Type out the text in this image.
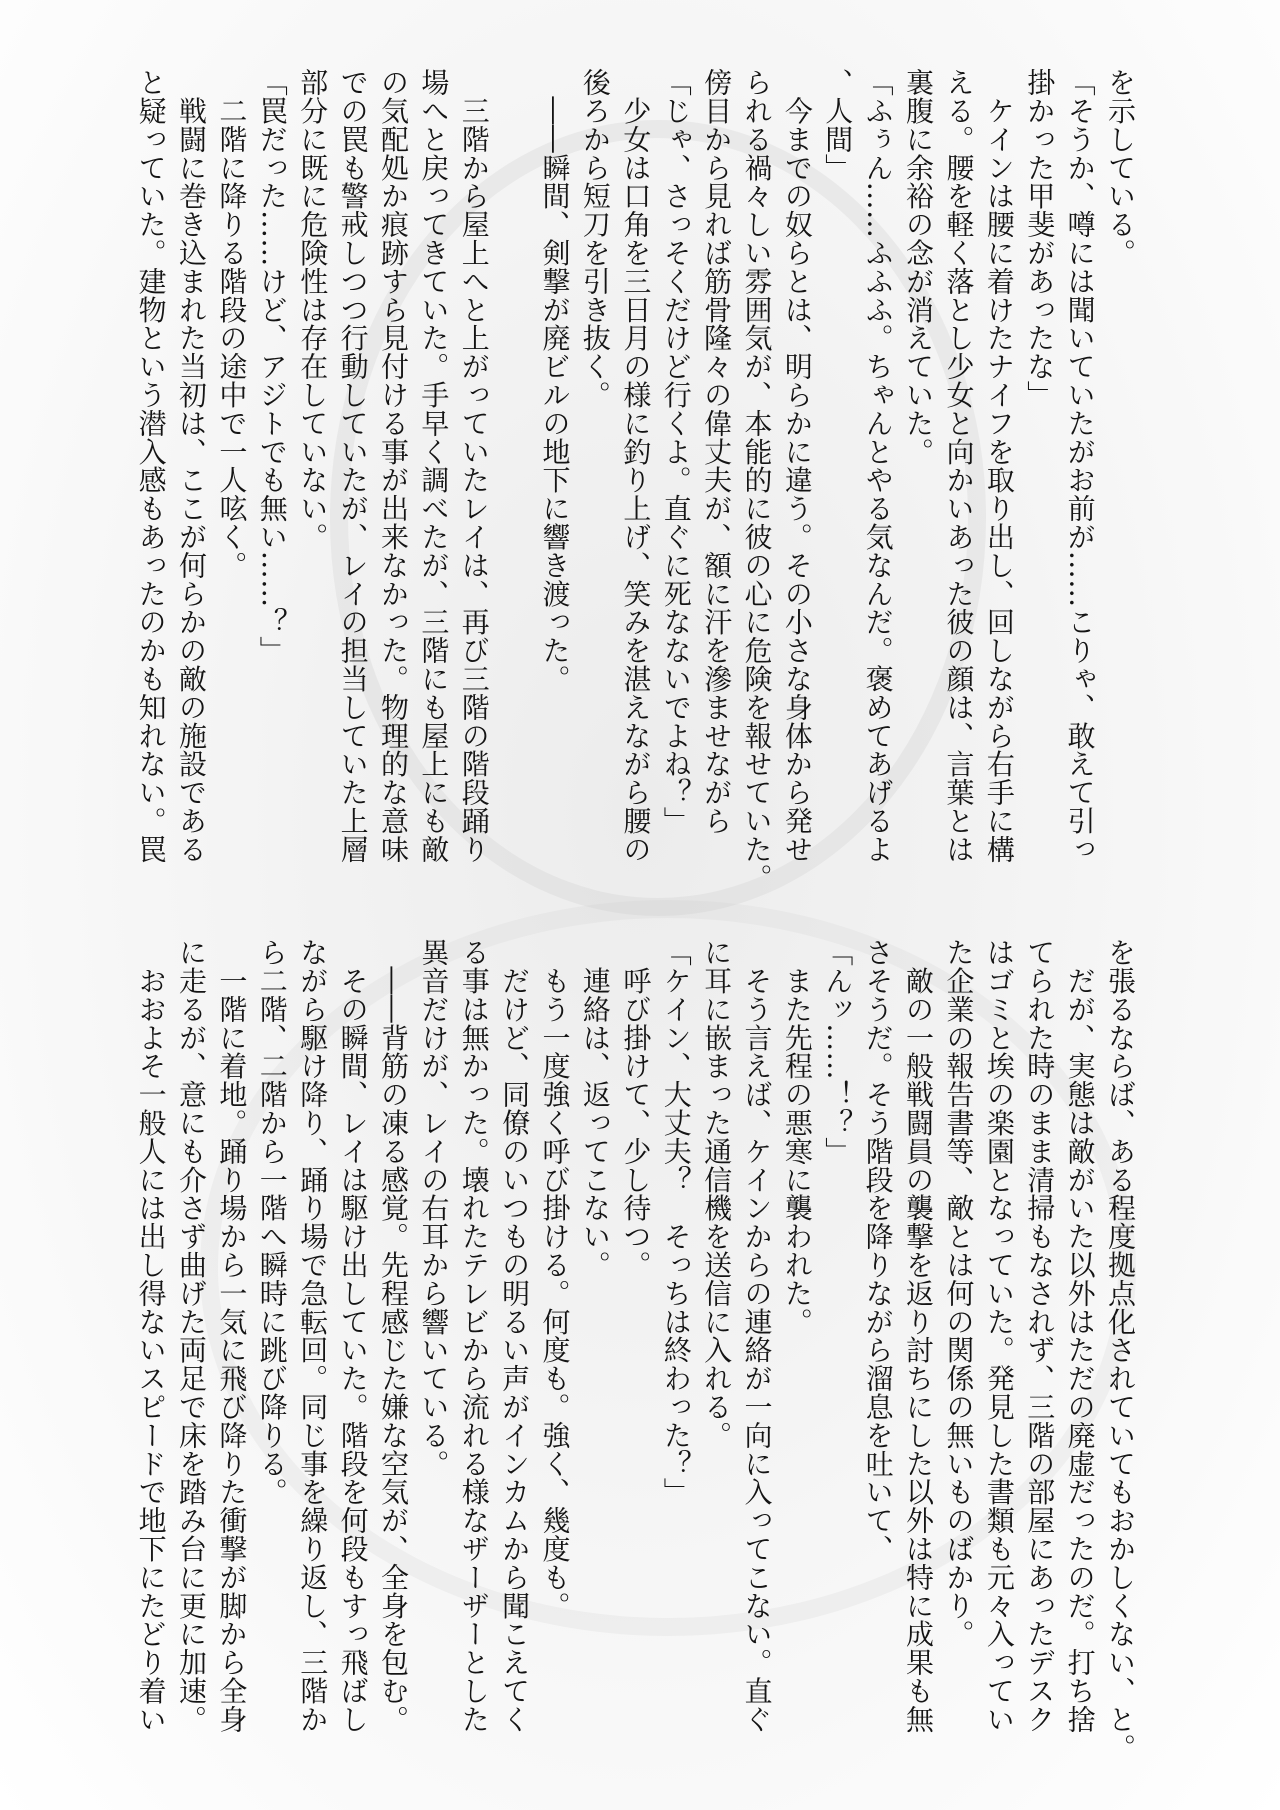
を示している。
「そうか、噂には聞いていたがお前が……こりゃ、敢えて引っ
掛かった甲斐があったな」
　ケインは腰に着けたナイフを取り出し、回しながら右手に構
える。腰を軽く落とし少女と向かいあった彼の顔は、言葉とは
裏腹に余裕の念が消えていた。
「ふぅん……ふふふ。ちゃんとやる気なんだ。褒めてあげるよ
、人間」
　今までの奴らとは、明らかに違う。その小さな身体から発せ
られる禍々しい雰囲気が、本能的に彼の心に危険を報せていた。
傍目から見れば筋骨隆々の偉丈夫が、額に汗を滲ませながら
「じゃ、さっそくだけど行くよ。直ぐに死なないでよね？」
　少女は口角を三日月の様に釣り上げ、笑みを湛えながら腰の
後ろから短刀を引き抜く。
　――瞬間、剣撃が廃ビルの地下に響き渡った。

　三階から屋上へと上がっていたレイは、再び三階の階段踊り
場へと戻ってきていた。手早く調べたが、三階にも屋上にも敵
の気配処か痕跡すら見付ける事が出来なかった。物理的な意味
での罠も警戒しつつ行動していたが、レイの担当していた上層
部分に既に危険性は存在していない。
「罠だった……けど、アジトでも無い……？」
　二階に降りる階段の途中で一人呟く。
　戦闘に巻き込まれた当初は、ここが何らかの敵の施設である
と疑っていた。建物という潜入感もあったのかも知れない。罠
を張るならば、ある程度拠点化されていてもおかしくない、と。
　だが、実態は敵がいた以外はただの廃虚だったのだ。打ち捨
てられた時のまま清掃もなされず、三階の部屋にあったデスク
はゴミと埃の楽園となっていた。発見した書類も元々入ってい
た企業の報告書等、敵とは何の関係の無いものばかり。
　敵の一般戦闘員の襲撃を返り討ちにした以外は特に成果も無
さそうだ。そう階段を降りながら溜息を吐いて、
「んッ……！？」
　また先程の悪寒に襲われた。
　そう言えば、ケインからの連絡が一向に入ってこない。直ぐ
に耳に嵌まった通信機を送信に入れる。
「ケイン、大丈夫？　そっちは終わった？」
　呼び掛けて、少し待つ。
　連絡は、返ってこない。
　もう一度強く呼び掛ける。何度も。強く、幾度も。
　だけど、同僚のいつもの明るい声がインカムから聞こえてく
る事は無かった。壊れたテレビから流れる様なザーザーとした
異音だけが、レイの右耳から響いている。
　――背筋の凍る感覚。先程感じた嫌な空気が、全身を包む。
　その瞬間、レイは駆け出していた。階段を何段もすっ飛ばし
ながら駆け降り、踊り場で急転回。同じ事を繰り返し、三階か
ら二階、二階から一階へ瞬時に跳び降りる。
　一階に着地。踊り場から一気に飛び降りた衝撃が脚から全身
に走るが、意にも介さず曲げた両足で床を踏み台に更に加速。
　おおよそ一般人には出し得ないスピードで地下にたどり着い
